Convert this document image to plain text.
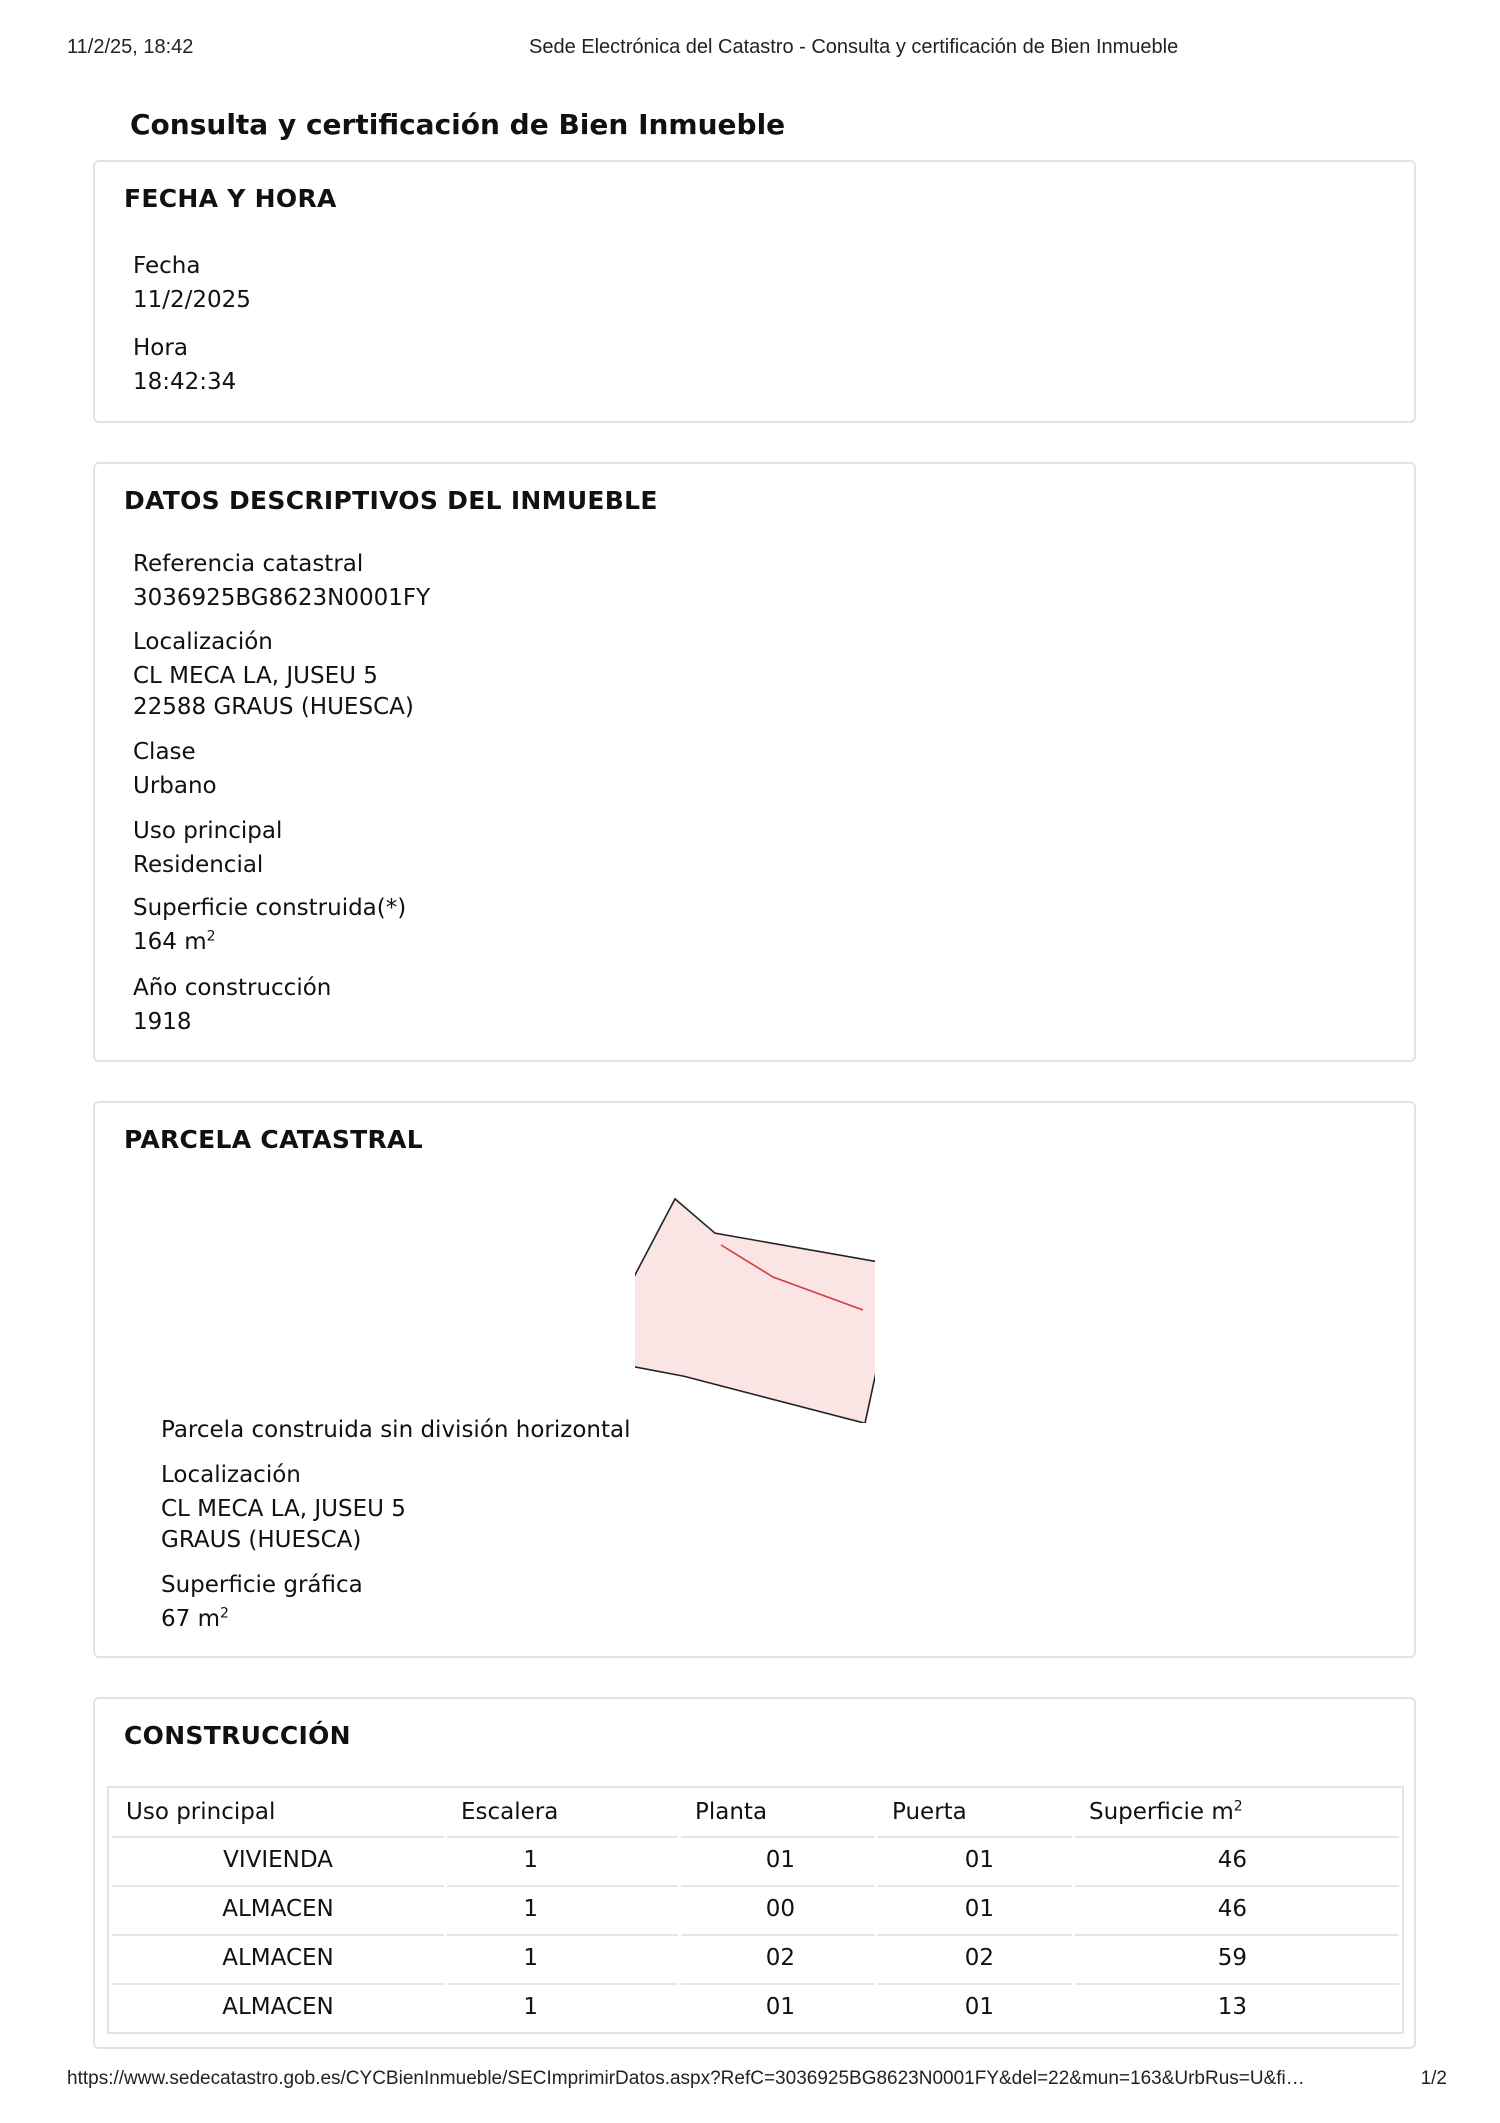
11/2/25, 18:42	Sede Electrónica del Catastro - Consulta y certificación de Bien Inmueble
Consulta y certificación de Bien Inmueble
FECHA Y HORA
Fecha
11/2/2025
Hora
18:42:34
DATOS DESCRIPTIVOS DEL INMUEBLE
Referencia catastral
3036925BG8623N0001FY
Localización
CL MECA LA, JUSEU 5
22588 GRAUS (HUESCA)
Clase
Urbano
Uso principal
Residencial
Superficie construida(*)
164 $m^2$
Año construcción
1918
PARCELA CATASTRAL
Parcela construida sin división horizontal
Localización
CL MECA LA, JUSEU 5
GRAUS (HUESCA)
Superficie gráfica
67 $m^2$
CONSTRUCCIÓN
Uso principal	Escalera	Planta	Puerta	Superficie $m^2$
VIVIENDA	1	01	01	46
ALMACEN	1	00	01	46
ALMACEN	1	02	02	59
ALMACEN	1	01	01	13
https://www.sedecatastro.gob.es/CYCBienInmueble/SECImprimirDatos.aspx?RefC=3036925BG8623N0001FY&del=22&mun=163&UrbRus=U&fi…	1/2
